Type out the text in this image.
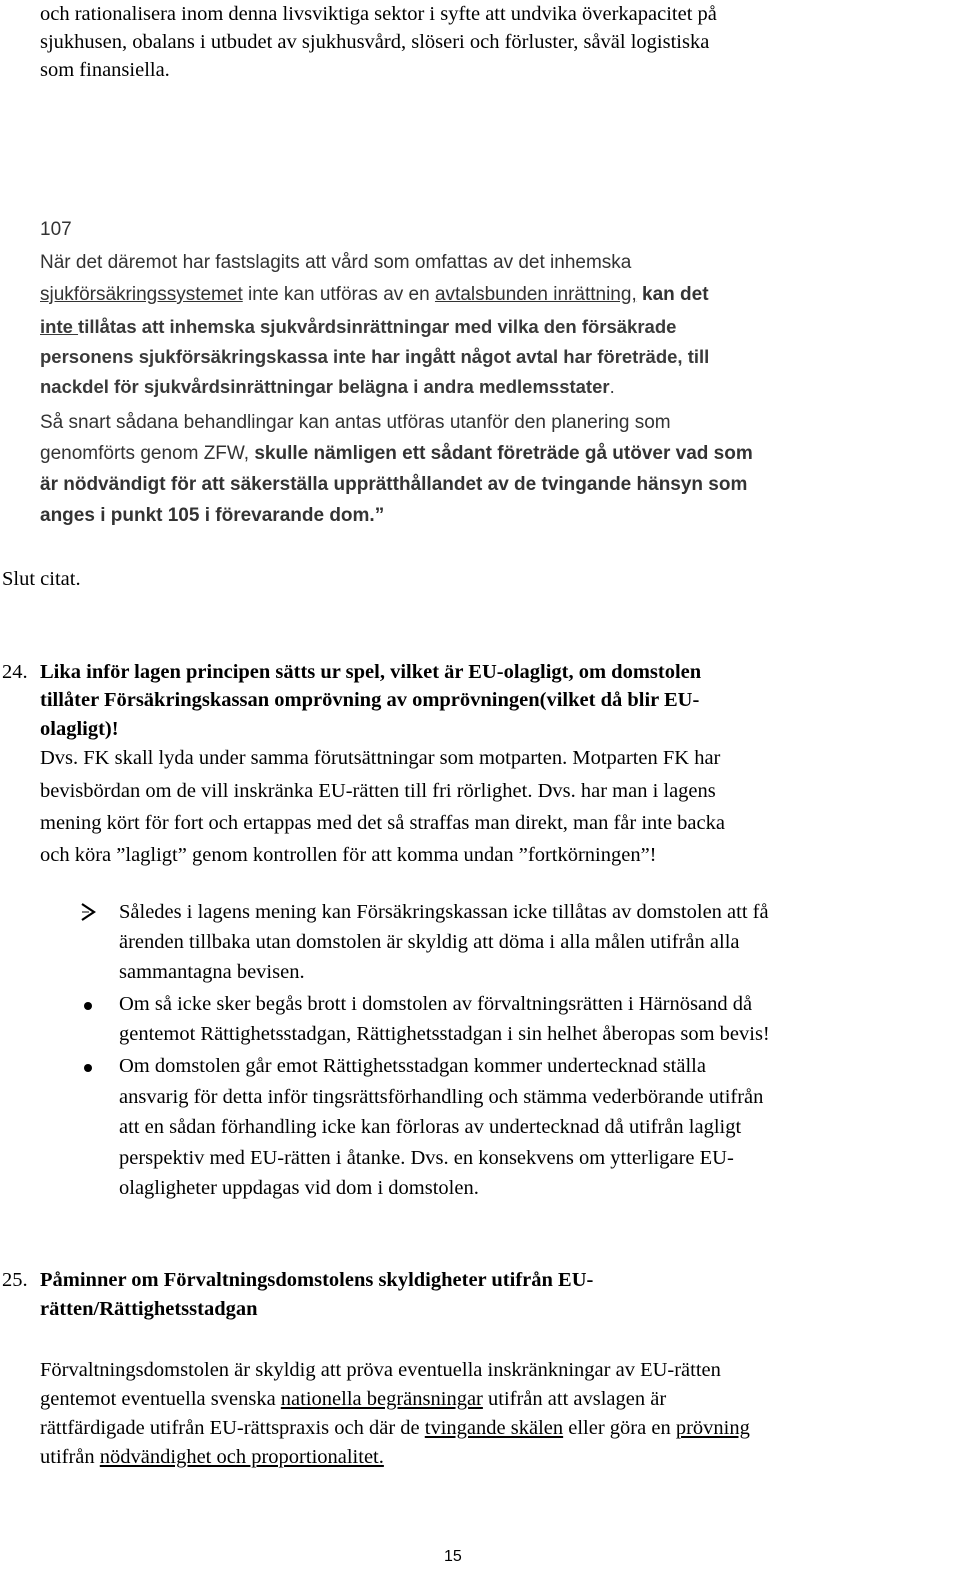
och rationalisera inom denna livsviktiga sektor i syfte att undvika överkapacitet på
sjukhusen, obalans i utbudet av sjukhusvård, slöseri och förluster, såväl logistiska
som finansiella.
107
När det däremot har fastslagits att vård som omfattas av det inhemska
sjukförsäkringssystemet inte kan utföras av en avtalsbunden inrättning, kan det
inte tillåtas att inhemska sjukvårdsinrättningar med vilka den försäkrade
personens sjukförsäkringskassa inte har ingått något avtal har företräde, till
nackdel för sjukvårdsinrättningar belägna i andra medlemsstater.
Så snart sådana behandlingar kan antas utföras utanför den planering som
genomförts genom ZFW, skulle nämligen ett sådant företräde gå utöver vad som
är nödvändigt för att säkerställa upprätthållandet av de tvingande hänsyn som
anges i punkt 105 i förevarande dom.”
Slut citat.
24. Lika inför lagen principen sätts ur spel, vilket är EU-olagligt, om domstolen
tillåter Försäkringskassan omprövning av omprövningen(vilket då blir EU-
olagligt)!
Dvs. FK skall lyda under samma förutsättningar som motparten. Motparten FK har
bevisbördan om de vill inskränka EU-rätten till fri rörlighet. Dvs. har man i lagens
mening kört för fort och ertappas med det så straffas man direkt, man får inte backa
och köra ”lagligt” genom kontrollen för att komma undan ”fortkörningen”!
Således i lagens mening kan Försäkringskassan icke tillåtas av domstolen att få
ärenden tillbaka utan domstolen är skyldig att döma i alla målen utifrån alla
sammantagna bevisen.
Om så icke sker begås brott i domstolen av förvaltningsrätten i Härnösand då
gentemot Rättighetsstadgan, Rättighetsstadgan i sin helhet åberopas som bevis!
Om domstolen går emot Rättighetsstadgan kommer undertecknad ställa
ansvarig för detta inför tingsrättsförhandling och stämma vederbörande utifrån
att en sådan förhandling icke kan förloras av undertecknad då utifrån lagligt
perspektiv med EU-rätten i åtanke. Dvs. en konsekvens om ytterligare EU-
olagligheter uppdagas vid dom i domstolen.
25. Påminner om Förvaltningsdomstolens skyldigheter utifrån EU-
rätten/Rättighetsstadgan
Förvaltningsdomstolen är skyldig att pröva eventuella inskränkningar av EU-rätten
gentemot eventuella svenska nationella begränsningar utifrån att avslagen är
rättfärdigade utifrån EU-rättspraxis och där de tvingande skälen eller göra en prövning
utifrån nödvändighet och proportionalitet.
15
